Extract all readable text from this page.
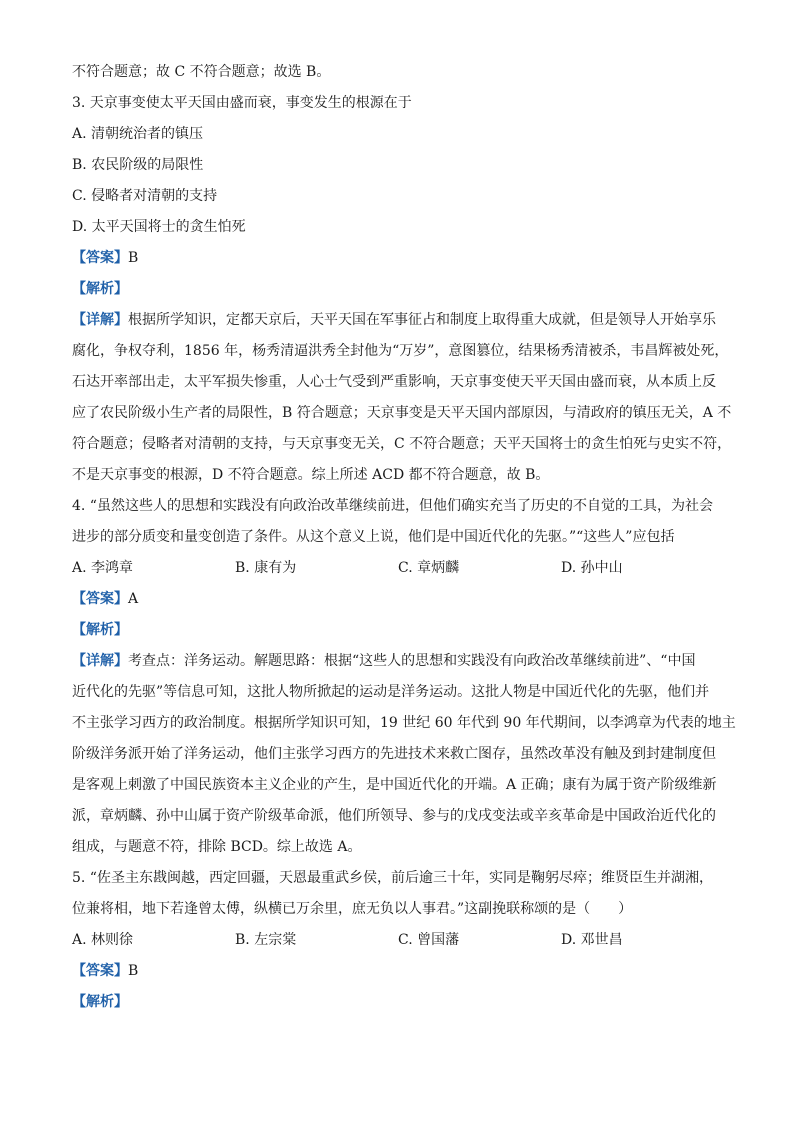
不符合题意；故 C 不符合题意；故选 B。
3. 天京事变使太平天国由盛而衰，事变发生的根源在于
A. 清朝统治者的镇压
B. 农民阶级的局限性
C. 侵略者对清朝的支持
D. 太平天国将士的贪生怕死
【答案】B
【解析】
【详解】根据所学知识，定都天京后，天平天国在军事征占和制度上取得重大成就，但是领导人开始享乐
腐化，争权夺利，1856 年，杨秀清逼洪秀全封他为“万岁”，意图篡位，结果杨秀清被杀，韦昌辉被处死，
石达开率部出走，太平军损失惨重，人心士气受到严重影响，天京事变使天平天国由盛而衰，从本质上反
应了农民阶级小生产者的局限性，B 符合题意；天京事变是天平天国内部原因，与清政府的镇压无关，A 不
符合题意；侵略者对清朝的支持，与天京事变无关，C 不符合题意；天平天国将士的贪生怕死与史实不符，
不是天京事变的根源，D 不符合题意。综上所述 ACD 都不符合题意，故 B。
4. “虽然这些人的思想和实践没有向政治改革继续前进，但他们确实充当了历史的不自觉的工具，为社会
进步的部分质变和量变创造了条件。从这个意义上说，他们是中国近代化的先驱。”“这些人”应包括
A. 李鸿章	B. 康有为	C. 章炳麟	D. 孙中山
【答案】A
【解析】
【详解】考查点：洋务运动。解题思路：根据“这些人的思想和实践没有向政治改革继续前进”、“中国
近代化的先驱”等信息可知，这批人物所掀起的运动是洋务运动。这批人物是中国近代化的先驱，他们并
不主张学习西方的政治制度。根据所学知识可知，19 世纪 60 年代到 90 年代期间，以李鸿章为代表的地主
阶级洋务派开始了洋务运动，他们主张学习西方的先进技术来救亡图存，虽然改革没有触及到封建制度但
是客观上刺激了中国民族资本主义企业的产生，是中国近代化的开端。A 正确；康有为属于资产阶级维新
派，章炳麟、孙中山属于资产阶级革命派，他们所领导、参与的戊戌变法或辛亥革命是中国政治近代化的
组成，与题意不符，排除 BCD。综上故选 A。
5. “佐圣主东戡闽越，西定回疆，天恩最重武乡侯，前后逾三十年，实同是鞠躬尽瘁；维贤臣生并湖湘，
位兼将相，地下若逢曾太傅，纵横已万余里，庶无负以人事君。”这副挽联称颂的是（　　）
A. 林则徐	B. 左宗棠	C. 曾国藩	D. 邓世昌
【答案】B
【解析】
